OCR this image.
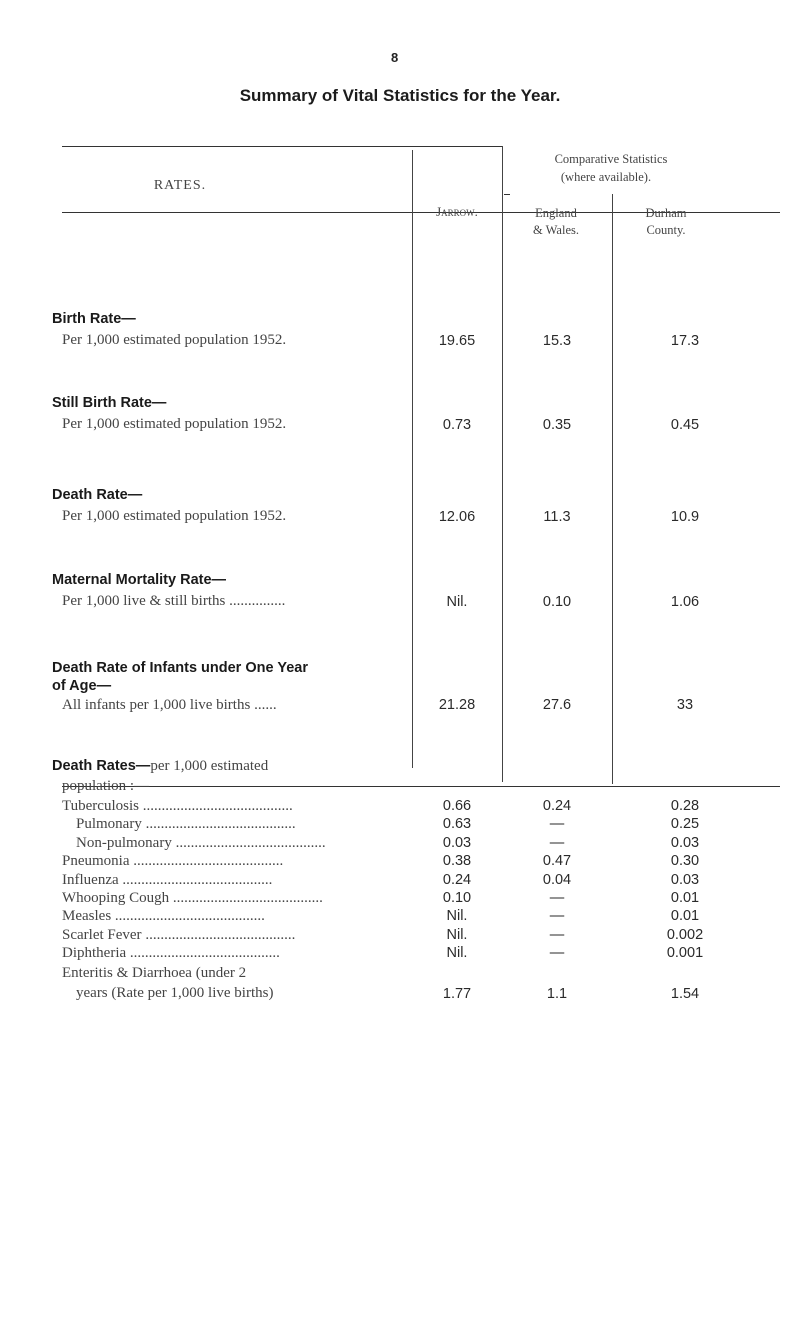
8
Summary of Vital Statistics for the Year.
RATES.
Jarrow.
Comparative Statistics
(where available).
England
& Wales.
Durham
County.
Birth Rate—
Per 1,000 estimated population 1952.	19.65	15.3	17.3
Still Birth Rate—
Per 1,000 estimated population 1952.	0.73	0.35	0.45
Death Rate—
Per 1,000 estimated population 1952.	12.06	11.3	10.9
Maternal Mortality Rate—
Per 1,000 live & still births ...............	Nil.	0.10	1.06
Death Rate of Infants under One Year
of Age—
All infants per 1,000 live births ......	21.28	27.6	33
Death Rates—per 1,000 estimated
population :—
Tuberculosis ........................................	0.66	0.24	0.28
Pulmonary ........................................	0.63	—	0.25
Non-pulmonary ........................................	0.03	—	0.03
Pneumonia ........................................	0.38	0.47	0.30
Influenza ........................................	0.24	0.04	0.03
Whooping Cough ........................................	0.10	—	0.01
Measles ........................................	Nil.	—	0.01
Scarlet Fever ........................................	Nil.	—	0.002
Diphtheria ........................................	Nil.	—	0.001
Enteritis & Diarrhoea (under 2
years (Rate per 1,000 live births)	1.77	1.1	1.54
